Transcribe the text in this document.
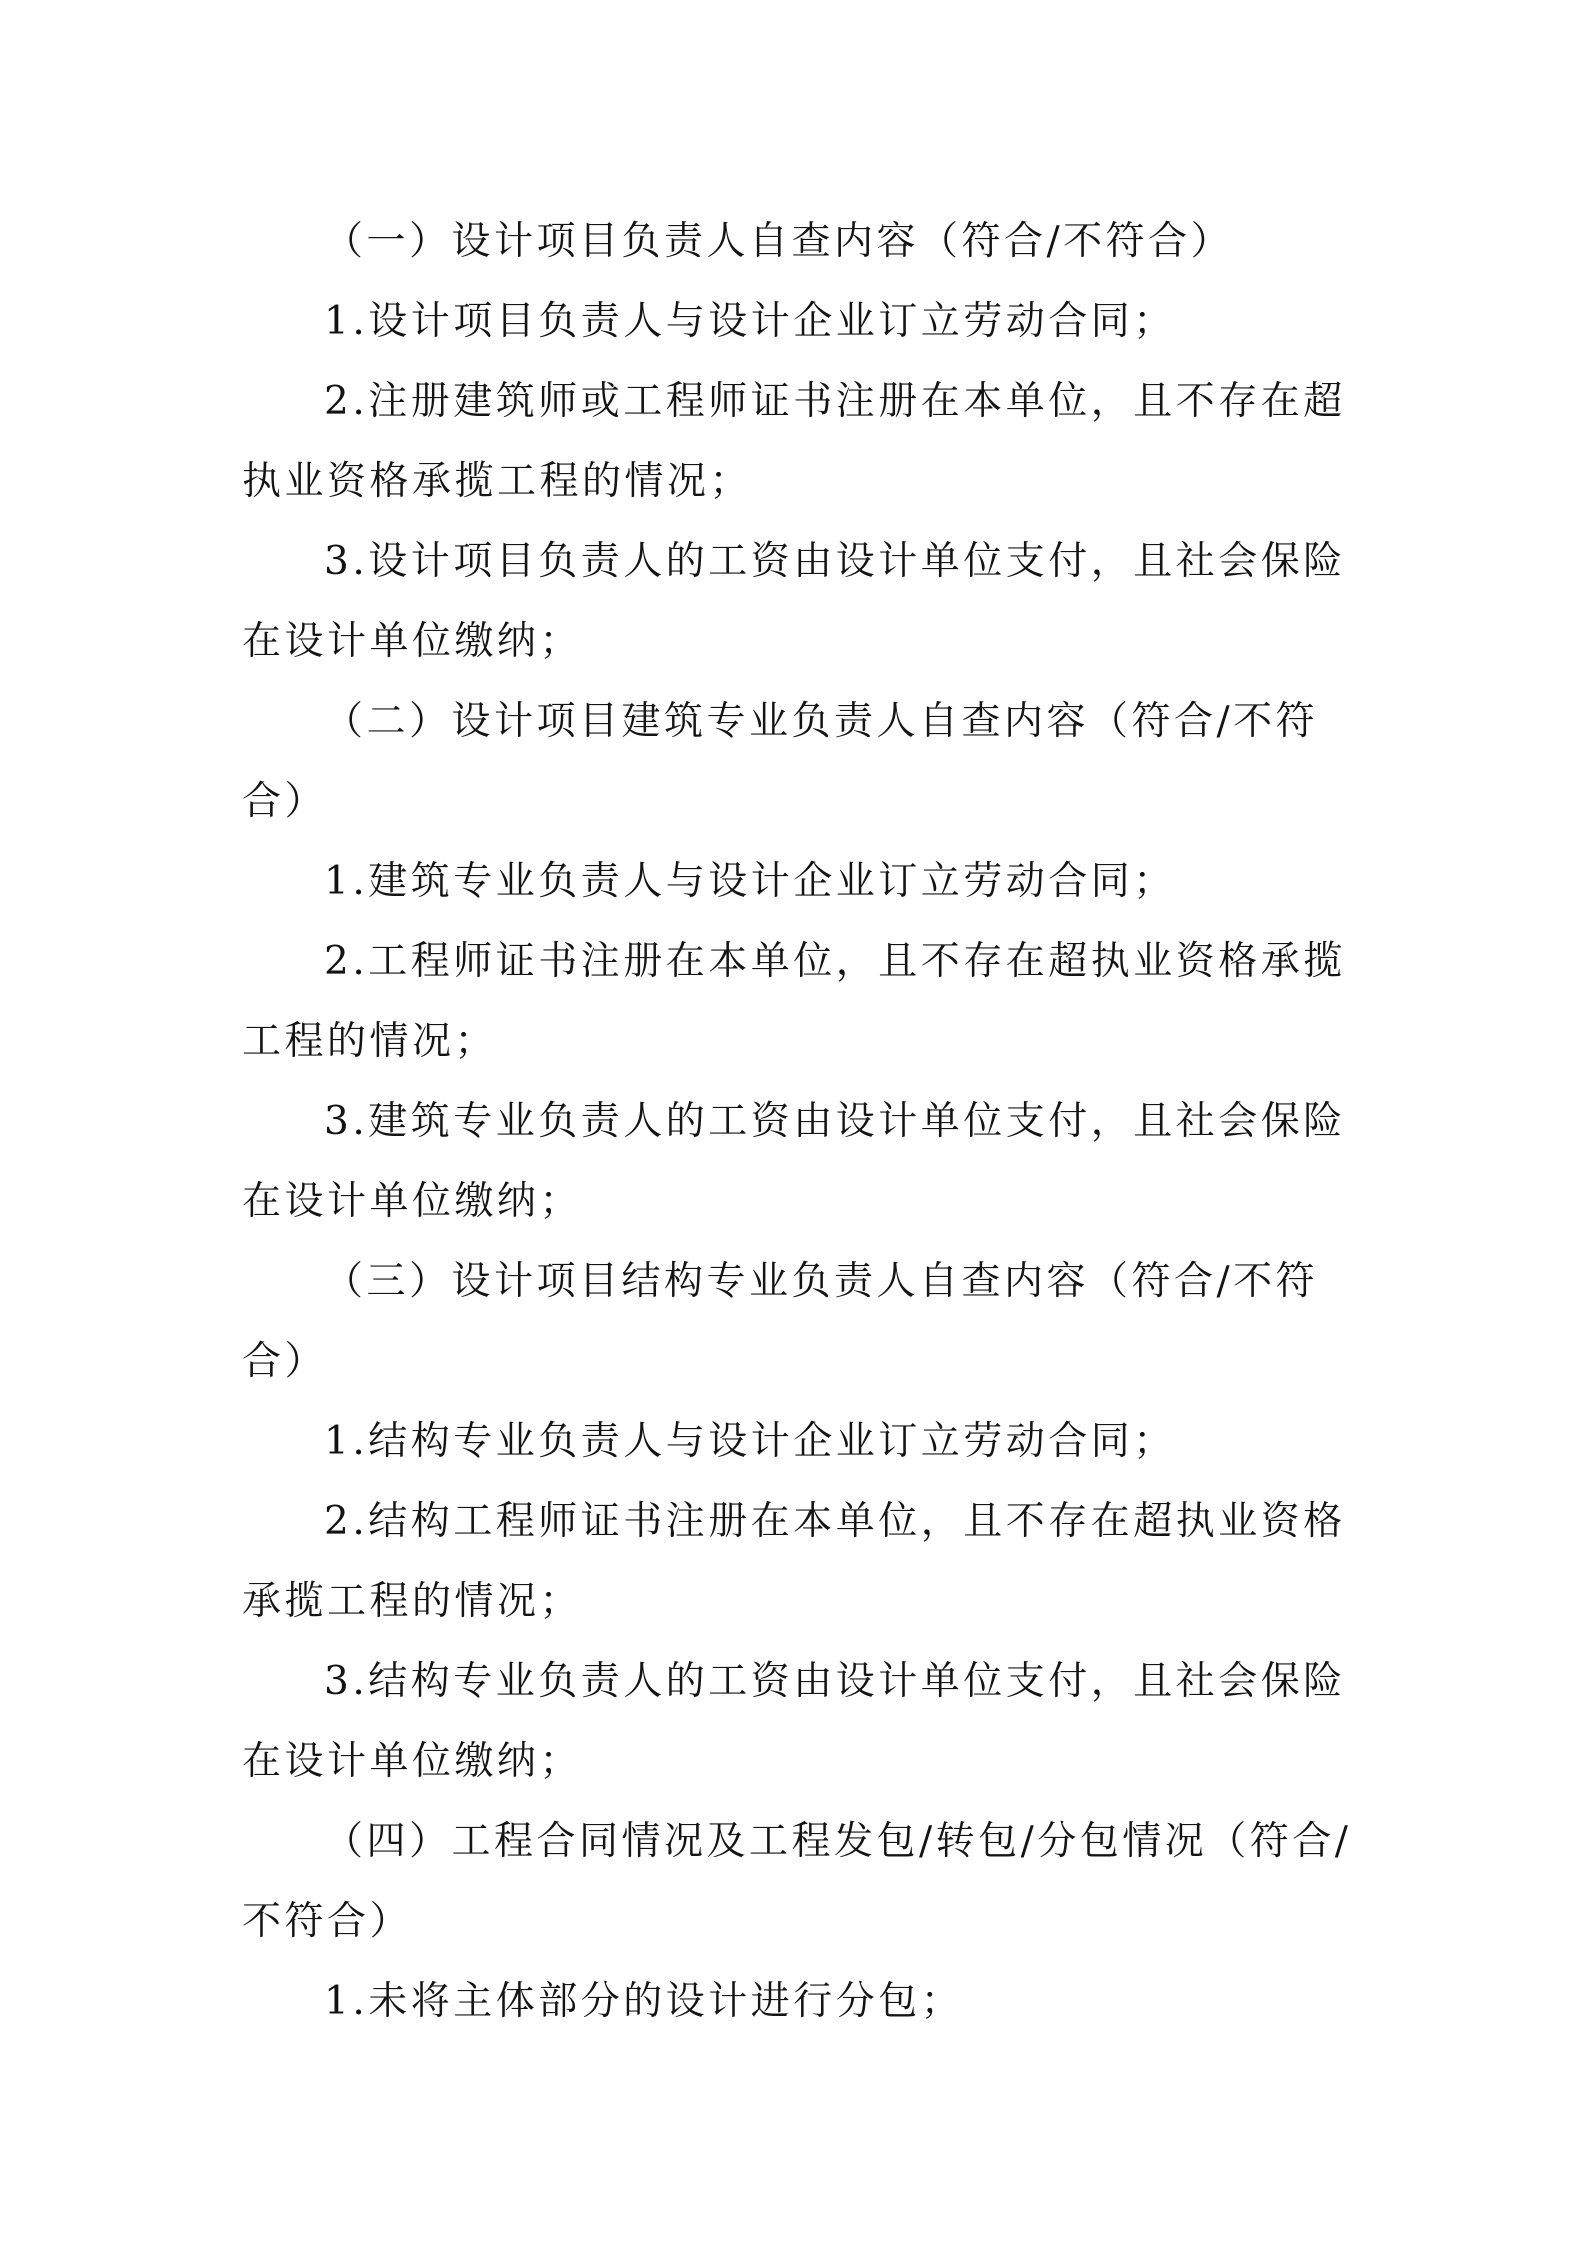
（一）设计项目负责人自查内容（符合/不符合）

1.设计项目负责人与设计企业订立劳动合同；

2.注册建筑师或工程师证书注册在本单位，且不存在超执业资格承揽工程的情况；

3.设计项目负责人的工资由设计单位支付，且社会保险在设计单位缴纳；

（二）设计项目建筑专业负责人自查内容（符合/不符合）

1.建筑专业负责人与设计企业订立劳动合同；

2.工程师证书注册在本单位，且不存在超执业资格承揽工程的情况；

3.建筑专业负责人的工资由设计单位支付，且社会保险在设计单位缴纳；

（三）设计项目结构专业负责人自查内容（符合/不符合）

1.结构专业负责人与设计企业订立劳动合同；

2.结构工程师证书注册在本单位，且不存在超执业资格承揽工程的情况；

3.结构专业负责人的工资由设计单位支付，且社会保险在设计单位缴纳；

（四）工程合同情况及工程发包/转包/分包情况（符合/不符合）

1.未将主体部分的设计进行分包；
